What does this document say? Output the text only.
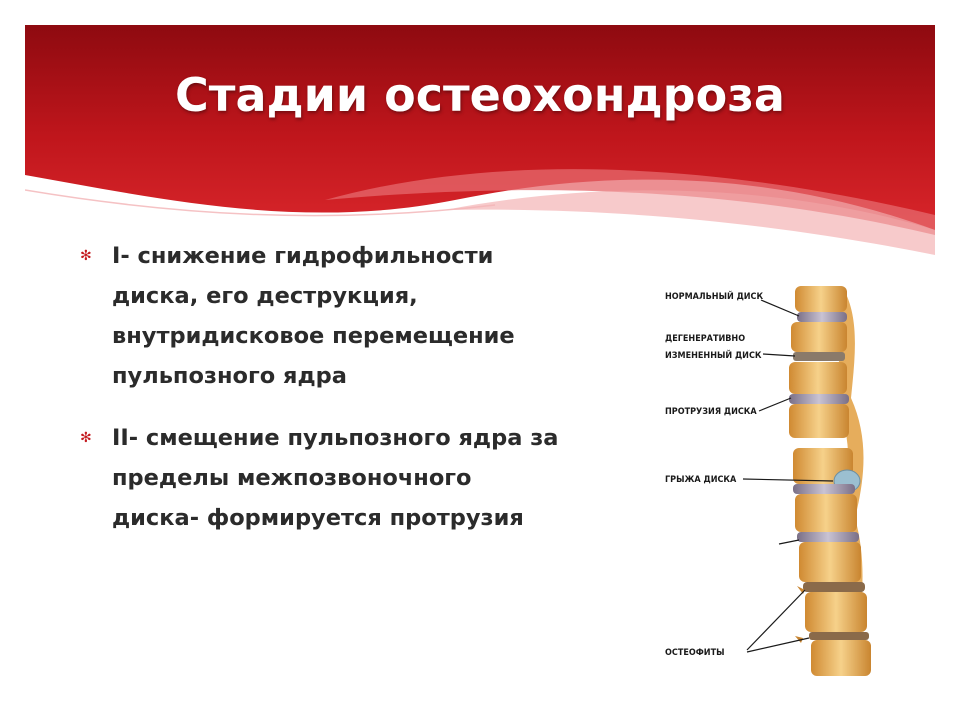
Стадии остеохондроза
✻ I- снижение гидрофильности диска, его деструкция, внутридисковое перемещение пульпозного ядра
✻ II- смещение пульпозного ядра за пределы межпозвоночного диска- формируется протрузия
НОРМАЛЬНЫЙ ДИСК
ДЕГЕНЕРАТИВНО
ИЗМЕНЕННЫЙ ДИСК
ПРОТРУЗИЯ ДИСКА
ГРЫЖА ДИСКА
ОСТЕОФИТЫ
